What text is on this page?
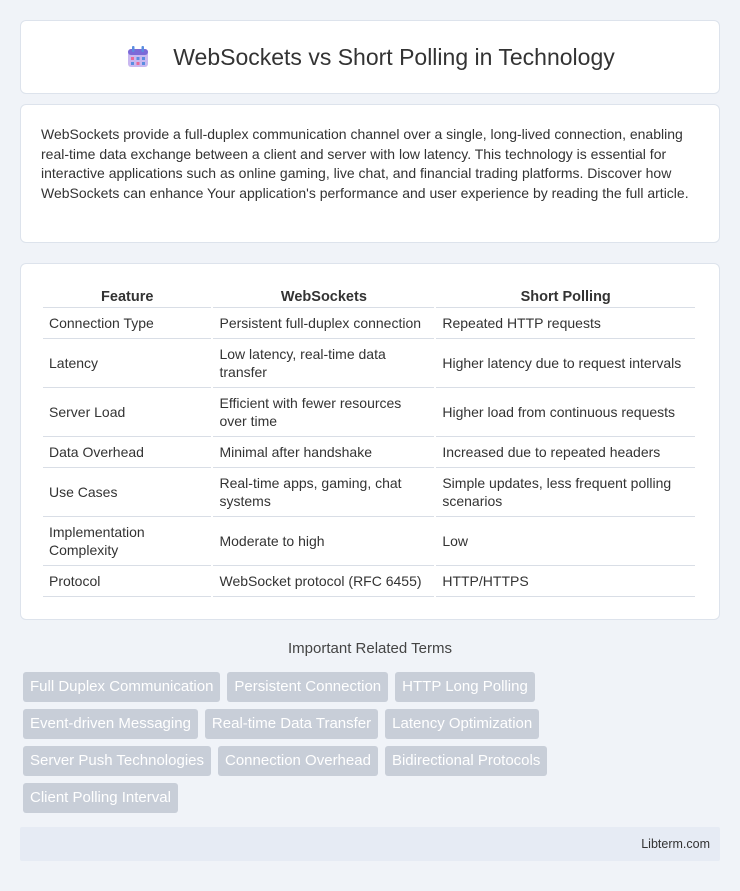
WebSockets vs Short Polling in Technology

WebSockets provide a full-duplex communication channel over a single, long-lived connection, enabling real-time data exchange between a client and server with low latency. This technology is essential for interactive applications such as online gaming, live chat, and financial trading platforms. Discover how WebSockets can enhance Your application's performance and user experience by reading the full article.

Feature	WebSockets	Short Polling
Connection Type	Persistent full-duplex connection	Repeated HTTP requests
Latency	Low latency, real-time data transfer	Higher latency due to request intervals
Server Load	Efficient with fewer resources over time	Higher load from continuous requests
Data Overhead	Minimal after handshake	Increased due to repeated headers
Use Cases	Real-time apps, gaming, chat systems	Simple updates, less frequent polling scenarios
Implementation Complexity	Moderate to high	Low
Protocol	WebSocket protocol (RFC 6455)	HTTP/HTTPS
Important Related Terms
Full Duplex Communication	Persistent Connection	HTTP Long Polling
Event-driven Messaging	Real-time Data Transfer	Latency Optimization
Server Push Technologies	Connection Overhead	Bidirectional Protocols
Client Polling Interval
Libterm.com
